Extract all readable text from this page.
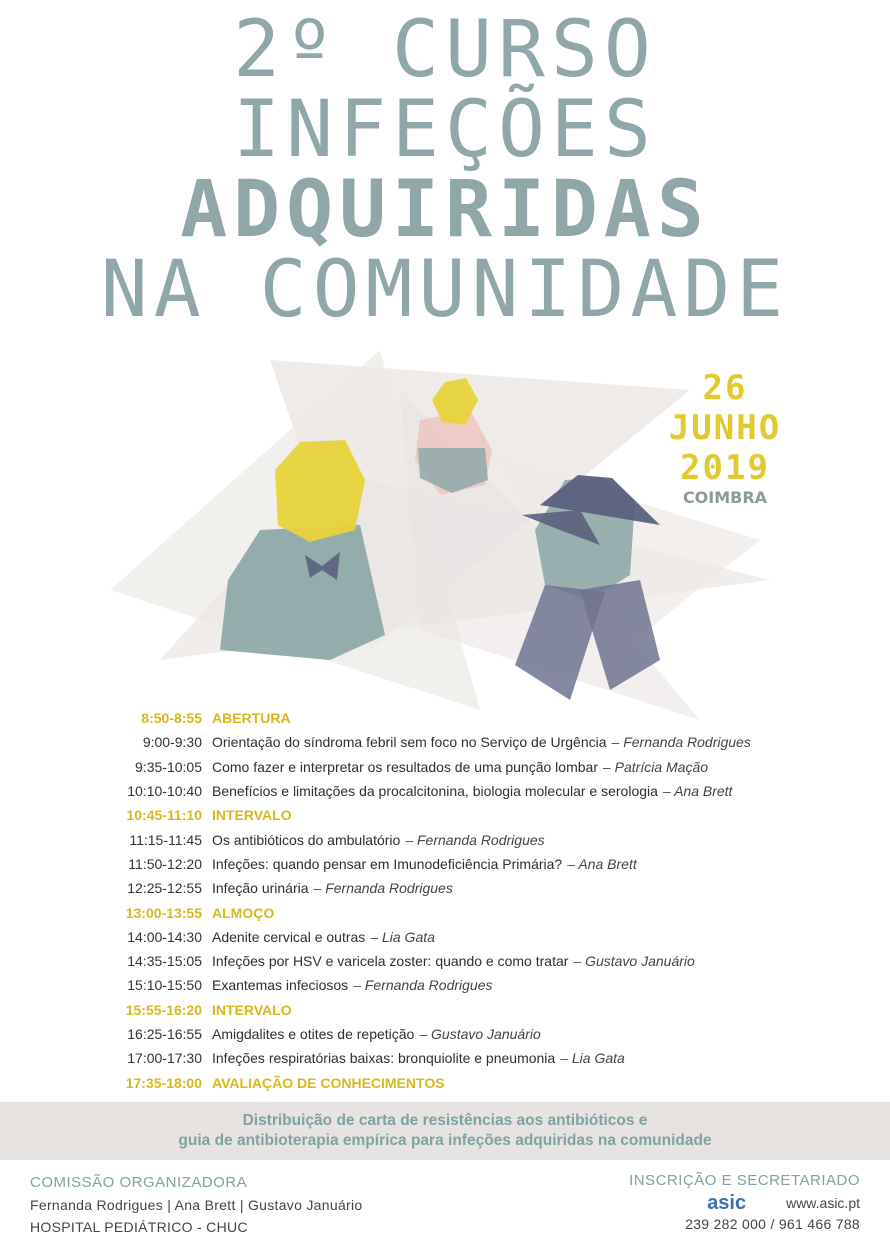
2º CURSO
INFEÇÕES
ADQUIRIDAS
NA COMUNIDADE
26
JUNHO
2019
COIMBRA
8:50-8:55 ABERTURA
9:00-9:30 Orientação do síndroma febril sem foco no Serviço de Urgência – Fernanda Rodrigues
9:35-10:05 Como fazer e interpretar os resultados de uma punção lombar – Patrícia Mação
10:10-10:40 Benefícios e limitações da procalcitonina, biologia molecular e serologia – Ana Brett
10:45-11:10 INTERVALO
11:15-11:45 Os antibióticos do ambulatório – Fernanda Rodrigues
11:50-12:20 Infeções: quando pensar em Imunodeficiência Primária? – Ana Brett
12:25-12:55 Infeção urinária – Fernanda Rodrigues
13:00-13:55 ALMOÇO
14:00-14:30 Adenite cervical e outras – Lia Gata
14:35-15:05 Infeções por HSV e varicela zoster: quando e como tratar – Gustavo Januário
15:10-15:50 Exantemas infeciosos – Fernanda Rodrigues
15:55-16:20 INTERVALO
16:25-16:55 Amigdalites e otites de repetição – Gustavo Januário
17:00-17:30 Infeções respiratórias baixas: bronquiolite e pneumonia – Lia Gata
17:35-18:00 AVALIAÇÃO DE CONHECIMENTOS
Distribuição de carta de resistências aos antibióticos e
guia de antibioterapia empírica para infeções adquiridas na comunidade
COMISSÃO ORGANIZADORA
Fernanda Rodrigues | Ana Brett | Gustavo Januário
HOSPITAL PEDIÁTRICO - CHUC
INSCRIÇÃO E SECRETARIADO
asic	www.asic.pt
239 282 000 / 961 466 788
